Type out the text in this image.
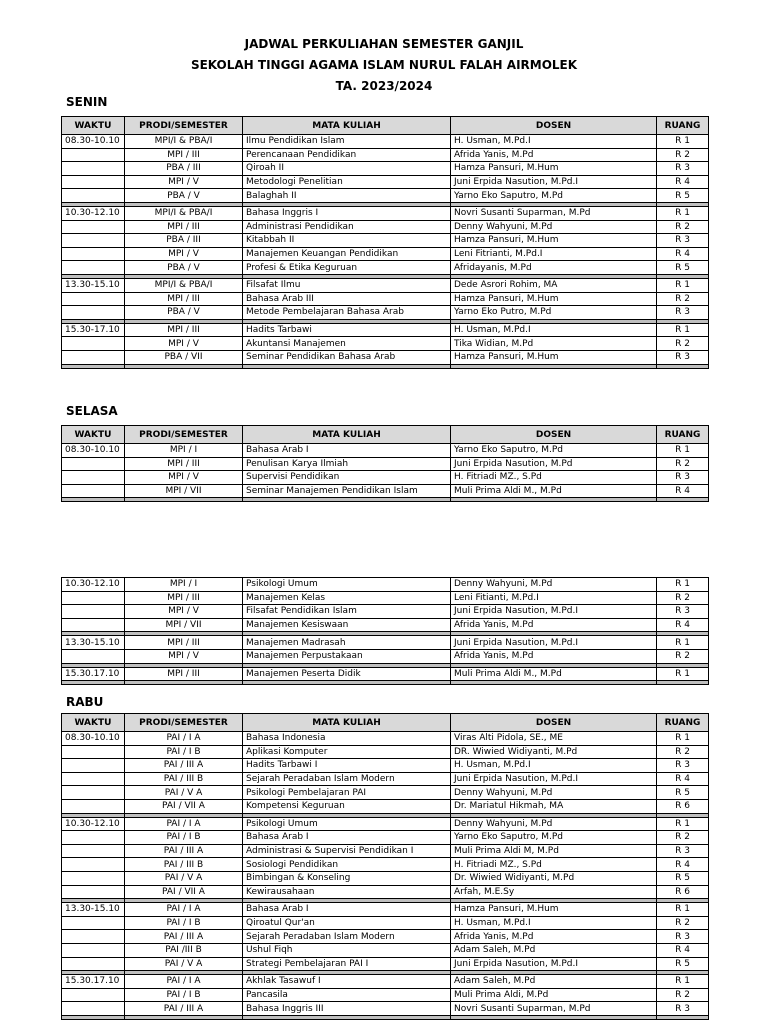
JADWAL PERKULIAHAN SEMESTER GANJIL
SEKOLAH TINGGI AGAMA ISLAM NURUL FALAH AIRMOLEK
TA. 2023/2024
SENIN
WAKTU	PRODI/SEMESTER	MATA KULIAH	DOSEN	RUANG
08.30-10.10	MPI/I & PBA/I	Ilmu Pendidikan Islam	H. Usman, M.Pd.I	R 1
	MPI / III	Perencanaan Pendidikan	Afrida Yanis, M.Pd	R 2
	PBA / III	Qiroah II	Hamza Pansuri, M.Hum	R 3
	MPI / V	Metodologi Penelitian	Juni Erpida Nasution, M.Pd.I	R 4
	PBA / V	Balaghah II	Yarno Eko Saputro, M.Pd	R 5

10.30-12.10	MPI/I & PBA/I	Bahasa Inggris I	Novri Susanti Suparman, M.Pd	R 1
	MPI / III	Administrasi Pendidikan	Denny Wahyuni, M.Pd	R 2
	PBA / III	Kitabbah II	Hamza Pansuri, M.Hum	R 3
	MPI / V	Manajemen Keuangan Pendidikan	Leni Fitrianti, M.Pd.I	R 4
	PBA / V	Profesi & Etika Keguruan	Afridayanis, M.Pd	R 5

13.30-15.10	MPI/I & PBA/I	Filsafat Ilmu	Dede Asrori Rohim, MA	R 1
	MPI / III	Bahasa Arab III	Hamza Pansuri, M.Hum	R 2
	PBA / V	Metode Pembelajaran Bahasa Arab	Yarno Eko Putro, M.Pd	R 3

15.30-17.10	MPI / III	Hadits Tarbawi	H. Usman, M.Pd.I	R 1
	MPI / V	Akuntansi Manajemen	Tika Widian, M.Pd	R 2
	PBA / VII	Seminar Pendidikan Bahasa Arab	Hamza Pansuri, M.Hum	R 3

SELASA
WAKTU	PRODI/SEMESTER	MATA KULIAH	DOSEN	RUANG
08.30-10.10	MPI / I	Bahasa Arab I	Yarno Eko Saputro, M.Pd	R 1
	MPI / III	Penulisan Karya Ilmiah	Juni Erpida Nasution, M.Pd	R 2
	MPI / V	Supervisi Pendidikan	H. Fitriadi MZ., S.Pd	R 3
	MPI / VII	Seminar Manajemen Pendidikan Islam	Muli Prima Aldi M., M.Pd	R 4

10.30-12.10	MPI / I	Psikologi Umum	Denny Wahyuni, M.Pd	R 1
	MPI / III	Manajemen Kelas	Leni Fitianti, M.Pd.I	R 2
	MPI / V	Filsafat Pendidikan Islam	Juni Erpida Nasution, M.Pd.I	R 3
	MPI / VII	Manajemen Kesiswaan	Afrida Yanis, M.Pd	R 4

13.30-15.10	MPI / III	Manajemen Madrasah	Juni Erpida Nasution, M.Pd.I	R 1
	MPI / V	Manajemen Perpustakaan	Afrida Yanis, M.Pd	R 2

15.30.17.10	MPI / III	Manajemen Peserta Didik	Muli Prima Aldi M., M.Pd	R 1

RABU
WAKTU	PRODI/SEMESTER	MATA KULIAH	DOSEN	RUANG
08.30-10.10	PAI / I A	Bahasa Indonesia	Viras Alti Pidola, SE., ME	R 1
	PAI / I B	Aplikasi Komputer	DR. Wiwied Widiyanti, M.Pd	R 2
	PAI / III A	Hadits Tarbawi I	H. Usman, M.Pd.I	R 3
	PAI / III B	Sejarah Peradaban Islam Modern	Juni Erpida Nasution, M.Pd.I	R 4
	PAI / V A	Psikologi Pembelajaran PAI	Denny Wahyuni, M.Pd	R 5
	PAI / VII A	Kompetensi Keguruan	Dr. Mariatul Hikmah, MA	R 6

10.30-12.10	PAI / I A	Psikologi Umum	Denny Wahyuni, M.Pd	R 1
	PAI / I B	Bahasa Arab I	Yarno Eko Saputro, M.Pd	R 2
	PAI / III A	Administrasi & Supervisi Pendidikan I	Muli Prima Aldi M, M.Pd	R 3
	PAI / III B	Sosiologi Pendidikan	H. Fitriadi MZ., S.Pd	R 4
	PAI / V A	Bimbingan & Konseling	Dr. Wiwied Widiyanti, M.Pd	R 5
	PAI / VII A	Kewirausahaan	Arfah, M.E.Sy	R 6

13.30-15.10	PAI / I A	Bahasa Arab I	Hamza Pansuri, M.Hum	R 1
	PAI / I B	Qiroatul Qur'an	H. Usman, M.Pd.I	R 2
	PAI / III A	Sejarah Peradaban Islam Modern	Afrida Yanis, M.Pd	R 3
	PAI /III B	Ushul Fiqh	Adam Saleh, M.Pd	R 4
	PAI / V A	Strategi Pembelajaran PAI I	Juni Erpida Nasution, M.Pd.I	R 5

15.30.17.10	PAI / I A	Akhlak Tasawuf I	Adam Saleh, M.Pd	R 1
	PAI / I B	Pancasila	Muli Prima Aldi, M.Pd	R 2
	PAI / III A	Bahasa Inggris III	Novri Susanti Suparman, M.Pd	R 3
